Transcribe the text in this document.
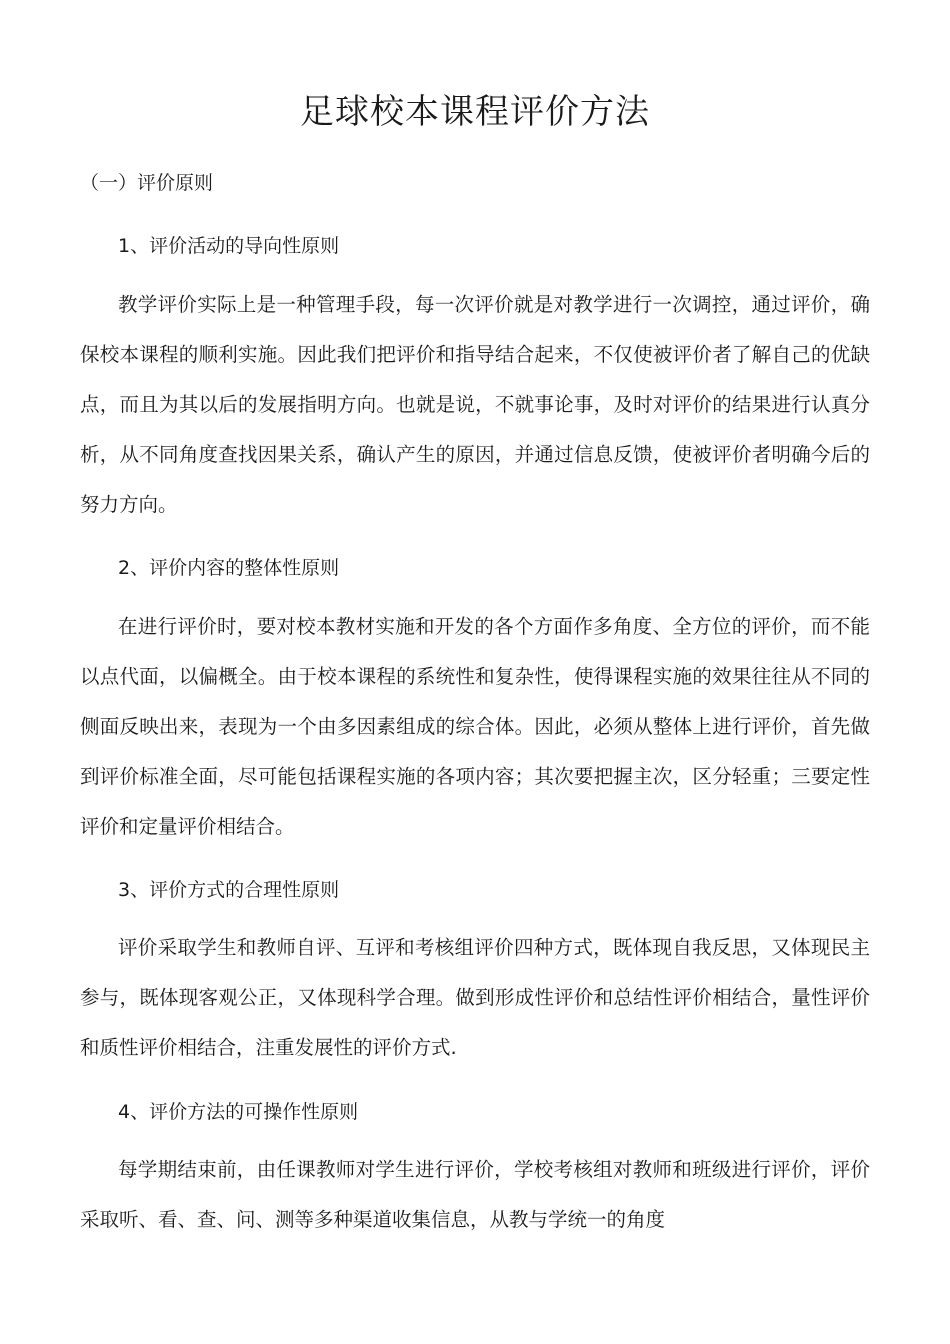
足球校本课程评价方法
（一）评价原则
1、评价活动的导向性原则

教学评价实际上是一种管理手段，每一次评价就是对教学进行一次调控，通过评价，确保校本课程的顺利实施。因此我们把评价和指导结合起来，不仅使被评价者了解自己的优缺点，而且为其以后的发展指明方向。也就是说，不就事论事，及时对评价的结果进行认真分析，从不同角度查找因果关系，确认产生的原因，并通过信息反馈，使被评价者明确今后的努力方向。

2、评价内容的整体性原则

在进行评价时，要对校本教材实施和开发的各个方面作多角度、全方位的评价，而不能以点代面，以偏概全。由于校本课程的系统性和复杂性，使得课程实施的效果往往从不同的侧面反映出来，表现为一个由多因素组成的综合体。因此，必须从整体上进行评价，首先做到评价标准全面，尽可能包括课程实施的各项内容；其次要把握主次，区分轻重；三要定性评价和定量评价相结合。

3、评价方式的合理性原则

评价采取学生和教师自评、互评和考核组评价四种方式，既体现自我反思，又体现民主参与，既体现客观公正，又体现科学合理。做到形成性评价和总结性评价相结合，量性评价和质性评价相结合，注重发展性的评价方式.

4、评价方法的可操作性原则

每学期结束前，由任课教师对学生进行评价，学校考核组对教师和班级进行评价，评价采取听、看、查、问、测等多种渠道收集信息，从教与学统一的角度
